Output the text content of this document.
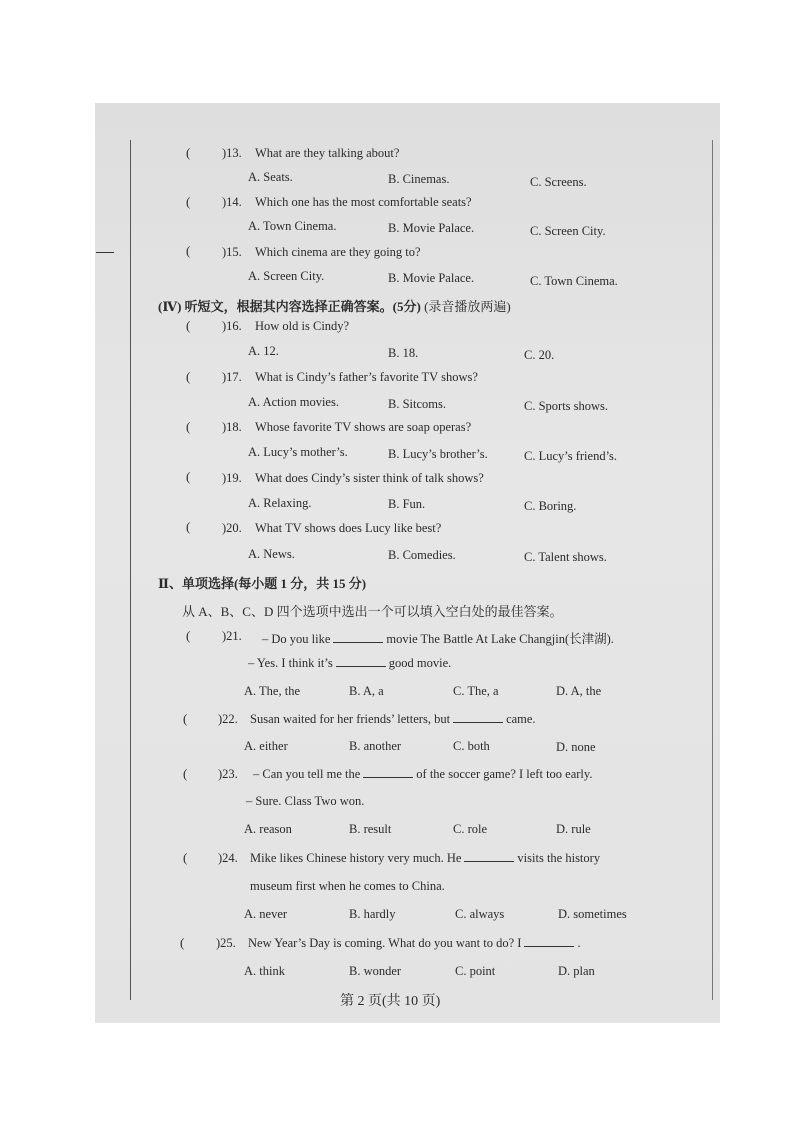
(	)13. What are they talking about?
A. Seats.	B. Cinemas.	C. Screens.
(	)14. Which one has the most comfortable seats?
A. Town Cinema.	B. Movie Palace.	C. Screen City.
(	)15. Which cinema are they going to?
A. Screen City.	B. Movie Palace.	C. Town Cinema.
(Ⅳ) 听短文，根据其内容选择正确答案。(5分) (录音播放两遍)
(	)16. How old is Cindy?
A. 12.	B. 18.	C. 20.
(	)17. What is Cindy’s father’s favorite TV shows?
A. Action movies.	B. Sitcoms.	C. Sports shows.
(	)18. Whose favorite TV shows are soap operas?
A. Lucy’s mother’s.	B. Lucy’s brother’s.	C. Lucy’s friend’s.
(	)19. What does Cindy’s sister think of talk shows?
A. Relaxing.	B. Fun.	C. Boring.
(	)20. What TV shows does Lucy like best?
A. News.	B. Comedies.	C. Talent shows.
Ⅱ、单项选择(每小题 1 分，共 15 分)
从 A、B、C、D 四个选项中选出一个可以填入空白处的最佳答案。
(	)21. – Do you like	movie The Battle At Lake Changjin(长津湖).
– Yes. I think it’s	good movie.
A. The, the	B. A, a	C. The, a	D. A, the
( )22. Susan waited for her friends’ letters, but	came.
A. either	B. another	C. both	D. none
( )23. – Can you tell me the	of the soccer game? I left too early.
– Sure. Class Two won.
A. reason	B. result	C. role	D. rule
( )24. Mike likes Chinese history very much. He	visits the history
museum first when he comes to China.
A. never	B. hardly	C. always	D. sometimes
(	)25. New Year’s Day is coming. What do you want to do? I	.
A. think	B. wonder	C. point	D. plan
第 2 页(共 10 页)
